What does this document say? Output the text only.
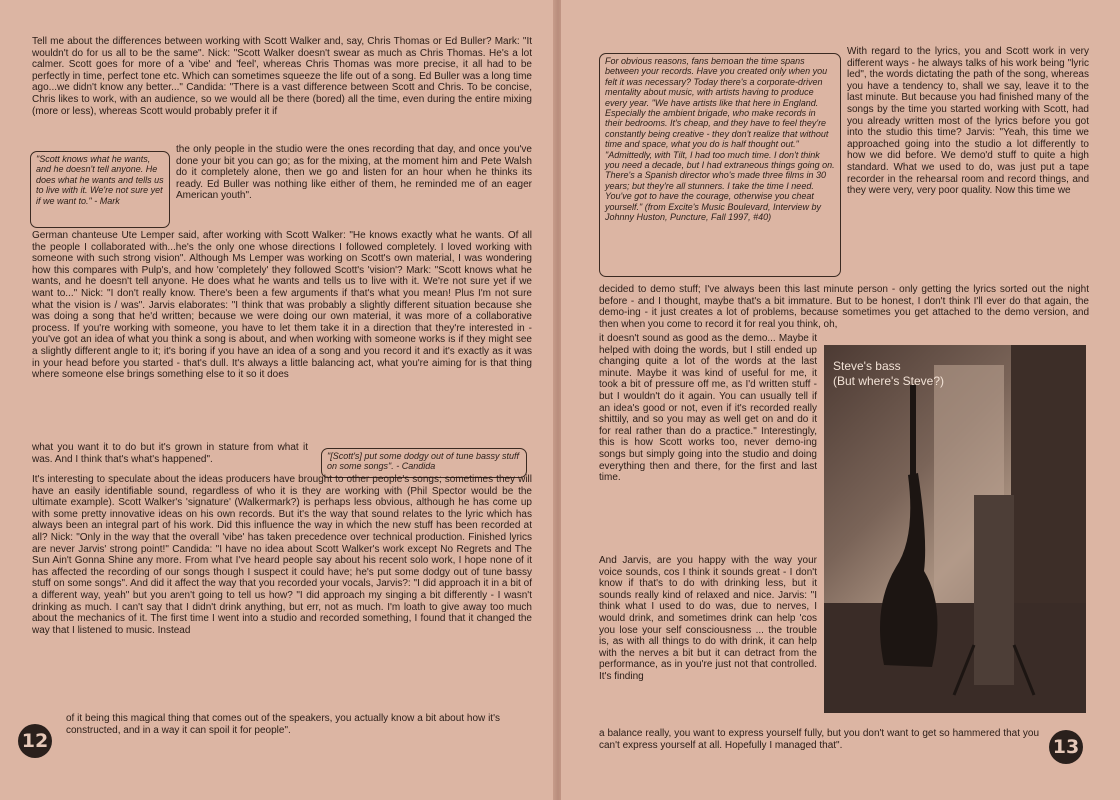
Tell me about the differences between working with Scott Walker and, say, Chris Thomas or Ed Buller? Mark: "It wouldn't do for us all to be the same". Nick: "Scott Walker doesn't swear as much as Chris Thomas. He's a lot calmer. Scott goes for more of a 'vibe' and 'feel', whereas Chris Thomas was more precise, it all had to be perfectly in time, perfect tone etc. Which can sometimes squeeze the life out of a song. Ed Buller was a long time ago...we didn't know any better..." Candida: "There is a vast difference between Scott and Chris. To be concise, Chris likes to work, with an audience, so we would all be there (bored) all the time, even during the entire mixing (more or less), whereas Scott would probably prefer it if

"Scott knows what he wants, and he doesn't tell anyone. He does what he wants and tells us to live with it. We're not sure yet if we want to." - Mark

the only people in the studio were the ones recording that day, and once you've done your bit you can go; as for the mixing, at the moment him and Pete Walsh do it completely alone, then we go and listen for an hour when he thinks its ready. Ed Buller was nothing like either of them, he reminded me of an eager American youth".

German chanteuse Ute Lemper said, after working with Scott Walker: "He knows exactly what he wants. Of all the people I collaborated with...he's the only one whose directions I followed completely. I loved working with someone with such strong vision". Although Ms Lemper was working on Scott's own material, I was wondering how this compares with Pulp's, and how 'completely' they followed Scott's 'vision'? Mark: "Scott knows what he wants, and he doesn't tell anyone. He does what he wants and tells us to live with it. We're not sure yet if we want to..." Nick: "I don't really know. There's been a few arguments if that's what you mean! Plus I'm not sure what the vision is / was". Jarvis elaborates: "I think that was probably a slightly different situation because she was doing a song that he'd written; because we were doing our own material, it was more of a collaborative process. If you're working with someone, you have to let them take it in a direction that they're interested in - you've got an idea of what you think a song is about, and when working with someone works is if they might see a slightly different angle to it; it's boring if you have an idea of a song and you record it and it's exactly as it was in your head before you started - that's dull. It's always a little balancing act, what you're aiming for is that thing where someone else brings something else to it so it does

what you want it to do but it's grown in stature from what it was. And I think that's what's happened".	"[Scott's] put some dodgy out of tune bassy stuff on some songs". - Candida

It's interesting to speculate about the ideas producers have brought to other people's songs; sometimes they will have an easily identifiable sound, regardless of who it is they are working with (Phil Spector would be the ultimate example). Scott Walker's 'signature' (Walkermark?) is perhaps less obvious, although he has come up with some pretty innovative ideas on his own records. But it's the way that sound relates to the lyric which has always been an integral part of his work. Did this influence the way in which the new stuff has been recorded at all? Nick: "Only in the way that the overall 'vibe' has taken precedence over technical production. Finished lyrics are never Jarvis' strong point!" Candida: "I have no idea about Scott Walker's work except No Regrets and The Sun Ain't Gonna Shine any more. From what I've heard people say about his recent solo work, I hope none of it has affected the recording of our songs though I suspect it could have; he's put some dodgy out of tune bassy stuff on some songs". And did it affect the way that you recorded your vocals, Jarvis?: "I did approach it in a bit of a different way, yeah" but you aren't going to tell us how? "I did approach my singing a bit differently - I wasn't drinking as much. I can't say that I didn't drink anything, but err, not as much. I'm loath to give away too much about the mechanics of it. The first time I went into a studio and recorded something, I found that it changed the way that I listened to music. Instead

of it being this magical thing that comes out of the speakers, you actually know a bit about how it's constructed, and in a way it can spoil it for people".

12
For obvious reasons, fans bemoan the time spans between your records. Have you created only when you felt it was necessary? Today there's a corporate-driven mentality about music, with artists having to produce every year. "We have artists like that here in England. Especially the ambient brigade, who make records in their bedrooms. It's cheap, and they have to feel they're constantly being creative - they don't realize that without time and space, what you do is half thought out." "Admittedly, with Tilt, I had too much time. I don't think you need a decade, but I had extraneous things going on. There's a Spanish director who's made three films in 30 years; but they're all stunners. I take the time I need. You've got to have the courage, otherwise you cheat yourself." (from Excite's Music Boulevard, Interview by Johnny Huston, Puncture, Fall 1997, #40)

With regard to the lyrics, you and Scott work in very different ways - he always talks of his work being "lyric led", the words dictating the path of the song, whereas you have a tendency to, shall we say, leave it to the last minute. But because you had finished many of the songs by the time you started working with Scott, had you already written most of the lyrics before you got into the studio this time? Jarvis: "Yeah, this time we approached going into the studio a lot differently to how we did before. We demo'd stuff to quite a high standard. What we used to do, was just put a tape recorder in the rehearsal room and record things, and they were very, very poor quality. Now this time we

decided to demo stuff; I've always been this last minute person - only getting the lyrics sorted out the night before - and I thought, maybe that's a bit immature. But to be honest, I don't think I'll ever do that again, the demo-ing - it just creates a lot of problems, because sometimes you get attached to the demo version, and then when you come to record it for real you think, oh,

it doesn't sound as good as the demo... Maybe it helped with doing the words, but I still ended up changing quite a lot of the words at the last minute. Maybe it was kind of useful for me, it took a bit of pressure off me, as I'd written stuff - but I wouldn't do it again. You can usually tell if an idea's good or not, even if it's recorded really shittily, and so you may as well get on and do it for real rather than do a practice." Interestingly, this is how Scott works too, never demo-ing songs but simply going into the studio and doing everything then and there, for the first and last time.

And Jarvis, are you happy with the way your voice sounds, cos I think it sounds great - I don't know if that's to do with drinking less, but it sounds really kind of relaxed and nice. Jarvis: "I think what I used to do was, due to nerves, I would drink, and sometimes drink can help 'cos you lose your self consciousness ... the trouble is, as with all things to do with drink, it can help with the nerves a bit but it can detract from the performance, as in you're just not that controlled. It's finding

a balance really, you want to express yourself fully, but you don't want to get so hammered that you can't express yourself at all. Hopefully I managed that".

Steve's bass
(But where's Steve?)
13
